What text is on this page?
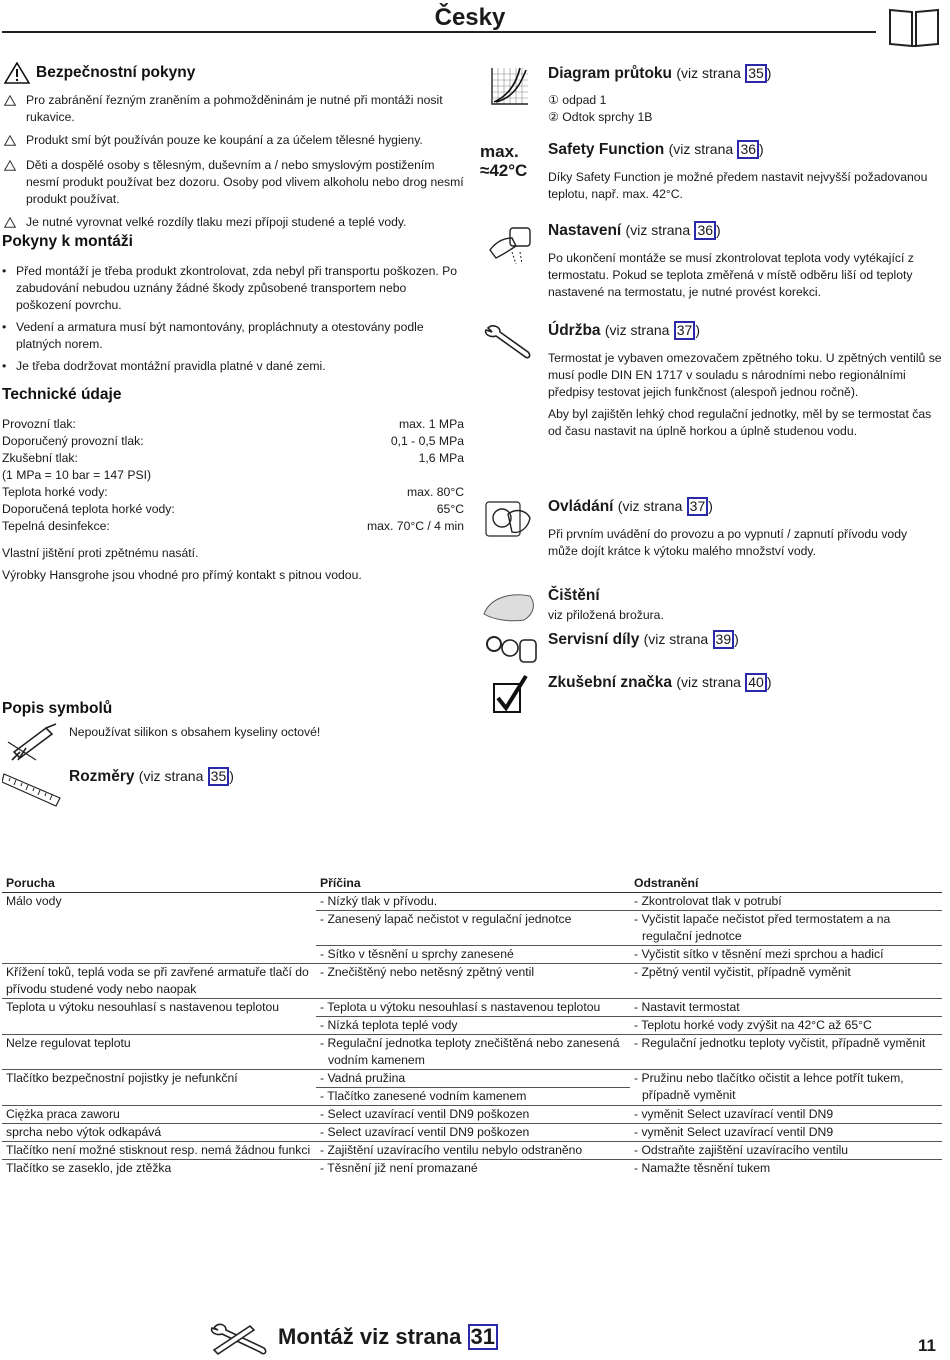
Česky
Bezpečnostní pokyny
Pro zabránění řezným zraněním a pohmožděninám je nutné při montáži nosit rukavice.
Produkt smí být používán pouze ke koupání a za účelem tělesné hygieny.
Děti a dospělé osoby s tělesným, duševním a / nebo smyslovým postižením nesmí produkt používat bez dozoru. Osoby pod vlivem alkoholu nebo drog nesmí produkt používat.
Je nutné vyrovnat velké rozdíly tlaku mezi přípoji studené a teplé vody.
Pokyny k montáži
• Před montáží je třeba produkt zkontrolovat, zda nebyl při transportu poškozen. Po zabudování nebudou uznány žádné škody způsobené transportem nebo poškození povrchu.
• Vedení a armatura musí být namontovány, propláchnuty a otestovány podle platných norem.
• Je třeba dodržovat montážní pravidla platné v dané zemi.
Technické údaje
Provozní tlak:	max. 1 MPa
Doporučený provozní tlak:	0,1 - 0,5 MPa
Zkušební tlak:	1,6 MPa
(1 MPa = 10 bar = 147 PSI)
Teplota horké vody:	max. 80°C
Doporučená teplota horké vody:	65°C
Tepelná desinfekce:	max. 70°C / 4 min
Vlastní jištění proti zpětnému nasátí.
Výrobky Hansgrohe jsou vhodné pro přímý kontakt s pitnou vodou.
Popis symbolů
Nepoužívat silikon s obsahem kyseliny octové!
Rozměry (viz strana 35 )
max.
≈42°C
Diagram průtoku (viz strana 35 )
① odpad 1
② Odtok sprchy 1B
Safety Function (viz strana 36 )
Díky Safety Function je možné předem nastavit nejvyšší požadovanou teplotu, např. max. 42°C.
Nastavení (viz strana 36 )
Po ukončení montáže se musí zkontrolovat teplota vody vytékající z termostatu. Pokud se teplota změřená v místě odběru liší od teploty nastavené na termostatu, je nutné provést korekci.
Údržba (viz strana 37 )
Termostat je vybaven omezovačem zpětného toku. U zpětných ventilů se musí podle DIN EN 1717 v souladu s národními nebo regionálními předpisy testovat jejich funkčnost (alespoň jednou ročně).
Aby byl zajištěn lehký chod regulační jednotky, měl by se termostat čas od času nastavit na úplně horkou a úplně studenou vodu.
Ovládání (viz strana 37 )
Při prvním uvádění do provozu a po vypnutí / zapnutí přívodu vody může dojít krátce k výtoku malého množství vody.
Čištění
viz přiložená brožura.
Servisní díly (viz strana 39 )
Zkušební značka (viz strana 40 )
Porucha	Příčina	Odstranění
Málo vody	- Nízký tlak v přívodu.	- Zkontrolovat tlak v potrubí
	- Zanesený lapač nečistot v regulační jednotce	- Vyčistit lapače nečistot před termostatem a na regulační jednotce
	- Sítko v těsnění u sprchy zanesené	- Vyčistit sítko v těsnění mezi sprchou a hadicí
Křížení toků, teplá voda se při zavřené armatuře tlačí do přívodu studené vody nebo naopak	- Znečištěný nebo netěsný zpětný ventil	- Zpětný ventil vyčistit, případně vyměnit
Teplota u výtoku nesouhlasí s nastavenou teplotou	- Teplota u výtoku nesouhlasí s nastavenou teplotou	- Nastavit termostat
	- Nízká teplota teplé vody	- Teplotu horké vody zvýšit na 42°C až 65°C
Nelze regulovat teplotu	- Regulační jednotka teploty znečištěná nebo zanesená vodním kamenem	- Regulační jednotku teploty vyčistit, případně vyměnit
Tlačítko bezpečnostní pojistky je nefunkční	- Vadná pružina	- Pružinu nebo tlačítko očistit a lehce potřít tukem, případně vyměnit
	- Tlačítko zanesené vodním kamenem	
Ciężka praca zaworu	- Select uzavírací ventil DN9 poškozen	- vyměnit Select uzavírací ventil DN9
sprcha nebo výtok odkapává	- Select uzavírací ventil DN9 poškozen	- vyměnit Select uzavírací ventil DN9
Tlačítko není možné stisknout resp. nemá žádnou funkci	- Zajištění uzavíracího ventilu nebylo odstraněno	- Odstraňte zajištění uzavíracího ventilu
Tlačítko se zaseklo, jde ztěžka	- Těsnění již není promazané	- Namažte těsnění tukem
Montáž viz strana 31	11
